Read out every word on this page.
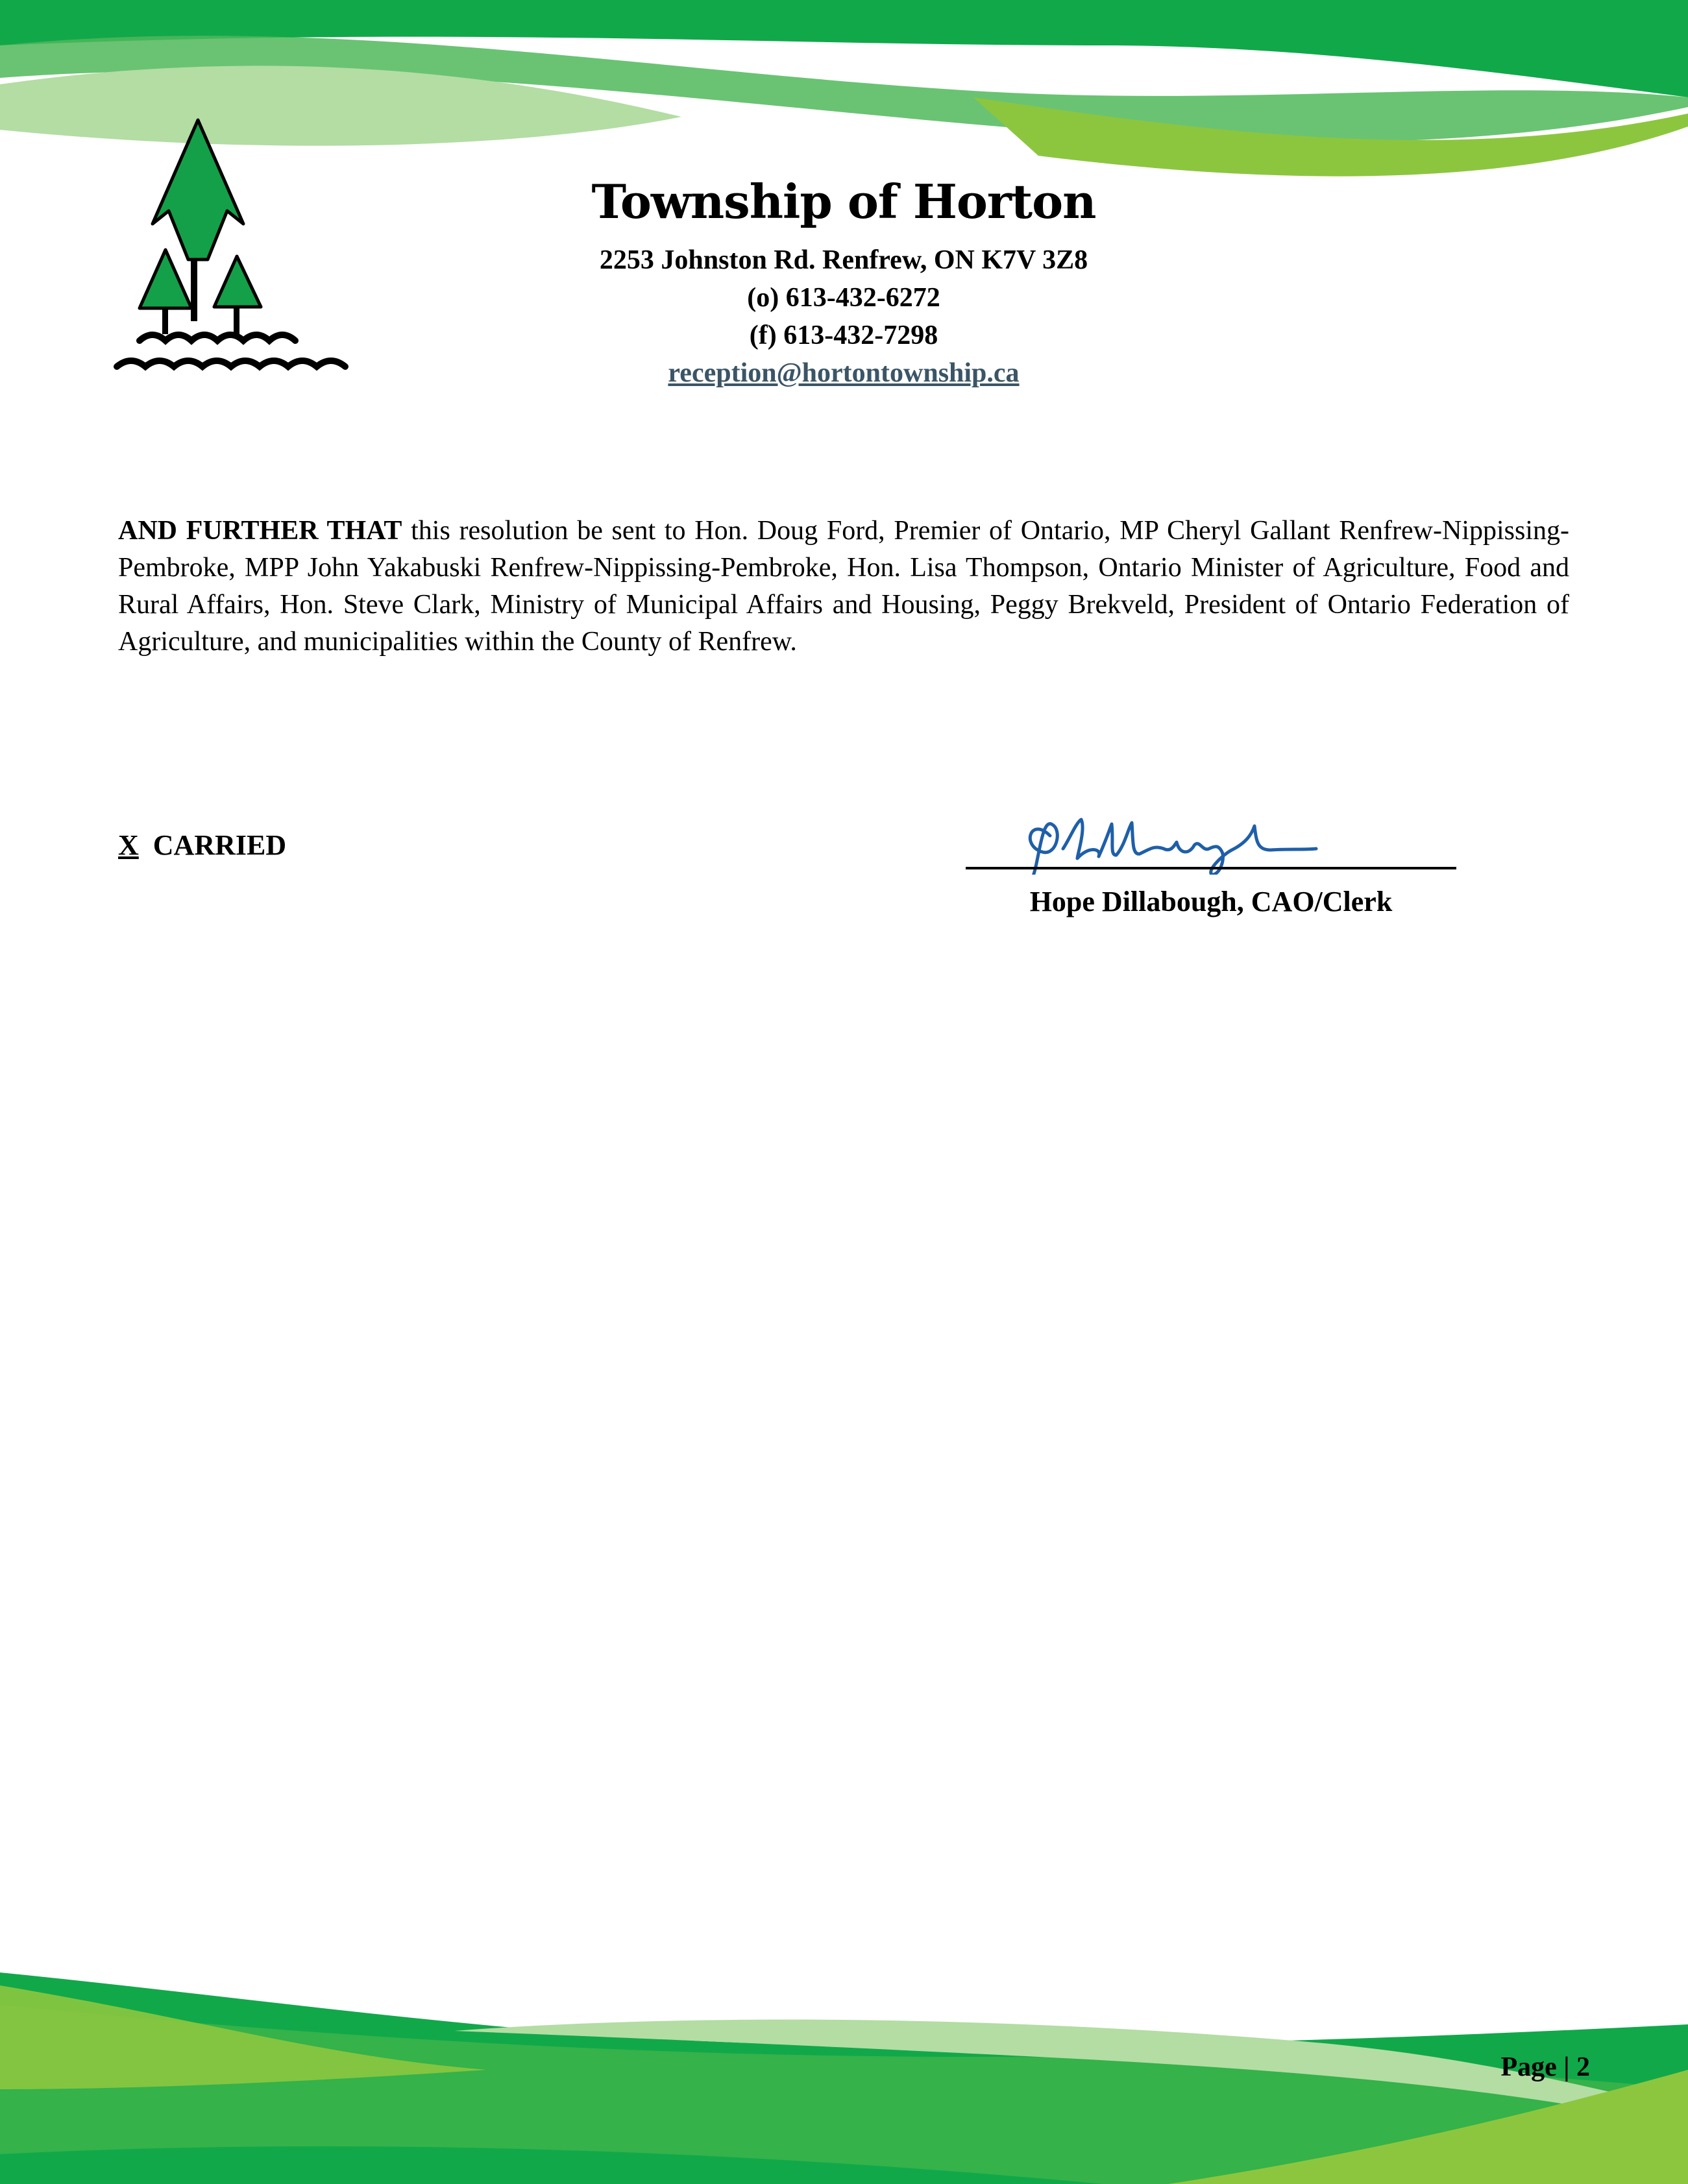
Township of Horton
2253 Johnston Rd. Renfrew, ON K7V 3Z8
(o) 613-432-6272
(f) 613-432-7298
reception@hortontownship.ca
AND FURTHER THAT this resolution be sent to Hon. Doug Ford, Premier of Ontario, MP Cheryl Gallant Renfrew-Nippissing-Pembroke, MPP John Yakabuski Renfrew-Nippissing-Pembroke, Hon. Lisa Thompson, Ontario Minister of Agriculture, Food and Rural Affairs, Hon. Steve Clark, Ministry of Municipal Affairs and Housing, Peggy Brekveld, President of Ontario Federation of Agriculture, and municipalities within the County of Renfrew.
X CARRIED
Hope Dillabough, CAO/Clerk
Page | 2
